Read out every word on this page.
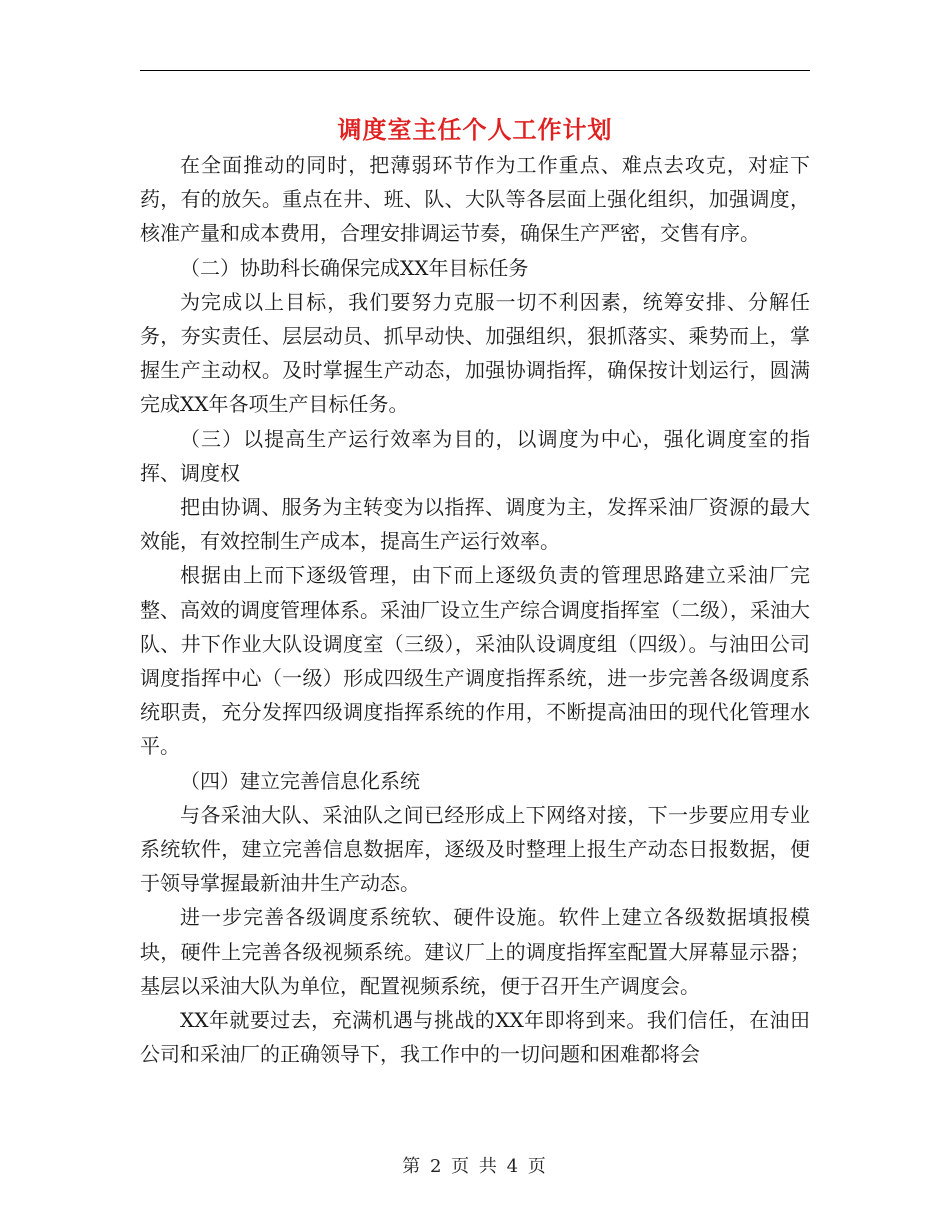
调度室主任个人工作计划

在全面推动的同时，把薄弱环节作为工作重点、难点去攻克，对症下药，有的放矢。重点在井、班、队、大队等各层面上强化组织，加强调度，核准产量和成本费用，合理安排调运节奏，确保生产严密，交售有序。

（二）协助科长确保完成XX年目标任务

为完成以上目标，我们要努力克服一切不利因素，统筹安排、分解任务，夯实责任、层层动员、抓早动快、加强组织，狠抓落实、乘势而上，掌握生产主动权。及时掌握生产动态，加强协调指挥，确保按计划运行，圆满完成XX年各项生产目标任务。

（三）以提高生产运行效率为目的，以调度为中心，强化调度室的指挥、调度权

把由协调、服务为主转变为以指挥、调度为主，发挥采油厂资源的最大效能，有效控制生产成本，提高生产运行效率。

根据由上而下逐级管理，由下而上逐级负责的管理思路建立采油厂完整、高效的调度管理体系。采油厂设立生产综合调度指挥室（二级），采油大队、井下作业大队设调度室（三级），采油队设调度组（四级）。与油田公司调度指挥中心（一级）形成四级生产调度指挥系统，进一步完善各级调度系统职责，充分发挥四级调度指挥系统的作用，不断提高油田的现代化管理水平。

（四）建立完善信息化系统

与各采油大队、采油队之间已经形成上下网络对接，下一步要应用专业系统软件，建立完善信息数据库，逐级及时整理上报生产动态日报数据，便于领导掌握最新油井生产动态。

进一步完善各级调度系统软、硬件设施。软件上建立各级数据填报模块，硬件上完善各级视频系统。建议厂上的调度指挥室配置大屏幕显示器；基层以采油大队为单位，配置视频系统，便于召开生产调度会。

XX年就要过去，充满机遇与挑战的XX年即将到来。我们信任，在油田公司和采油厂的正确领导下，我工作中的一切问题和困难都将会

第 2 页 共 4 页
